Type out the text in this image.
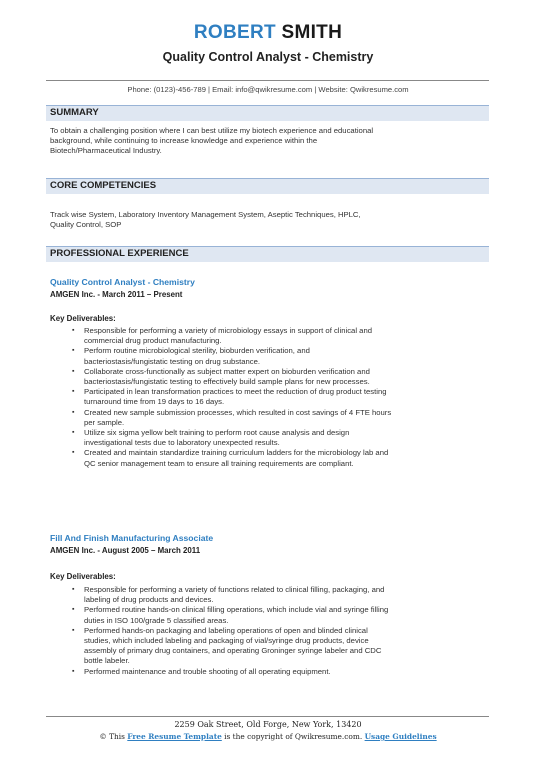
ROBERT SMITH
Quality Control Analyst - Chemistry
Phone: (0123)-456-789 | Email: info@qwikresume.com | Website: Qwikresume.com
SUMMARY
To obtain a challenging position where I can best utilize my biotech experience and educational
background, while continuing to increase knowledge and experience within the
Biotech/Pharmaceutical Industry.
CORE COMPETENCIES
Track wise System, Laboratory Inventory Management System, Aseptic Techniques, HPLC,
Quality Control, SOP
PROFESSIONAL EXPERIENCE
Quality Control Analyst - Chemistry
AMGEN Inc. - March 2011 – Present
Key Deliverables:
▪ Responsible for performing a variety of microbiology essays in support of clinical and
commercial drug product manufacturing.
▪ Perform routine microbiological sterility, bioburden verification, and
bacteriostasis/fungistatic testing on drug substance.
▪ Collaborate cross-functionally as subject matter expert on bioburden verification and
bacteriostasis/fungistatic testing to effectively build sample plans for new processes.
▪ Participated in lean transformation practices to meet the reduction of drug product testing
turnaround time from 19 days to 16 days.
▪ Created new sample submission processes, which resulted in cost savings of 4 FTE hours
per sample.
▪ Utilize six sigma yellow belt training to perform root cause analysis and design
investigational tests due to laboratory unexpected results.
▪ Created and maintain standardize training curriculum ladders for the microbiology lab and
QC senior management team to ensure all training requirements are compliant.
Fill And Finish Manufacturing Associate
AMGEN Inc. - August 2005 – March 2011
Key Deliverables:
▪ Responsible for performing a variety of functions related to clinical filling, packaging, and
labeling of drug products and devices.
▪ Performed routine hands-on clinical filling operations, which include vial and syringe filling
duties in ISO 100/grade 5 classified areas.
▪ Performed hands-on packaging and labeling operations of open and blinded clinical
studies, which included labeling and packaging of vial/syringe drug products, device
assembly of primary drug containers, and operating Groninger syringe labeler and CDC
bottle labeler.
▪ Performed maintenance and trouble shooting of all operating equipment.
2259 Oak Street, Old Forge, New York, 13420
© This Free Resume Template is the copyright of Qwikresume.com. Usage Guidelines
